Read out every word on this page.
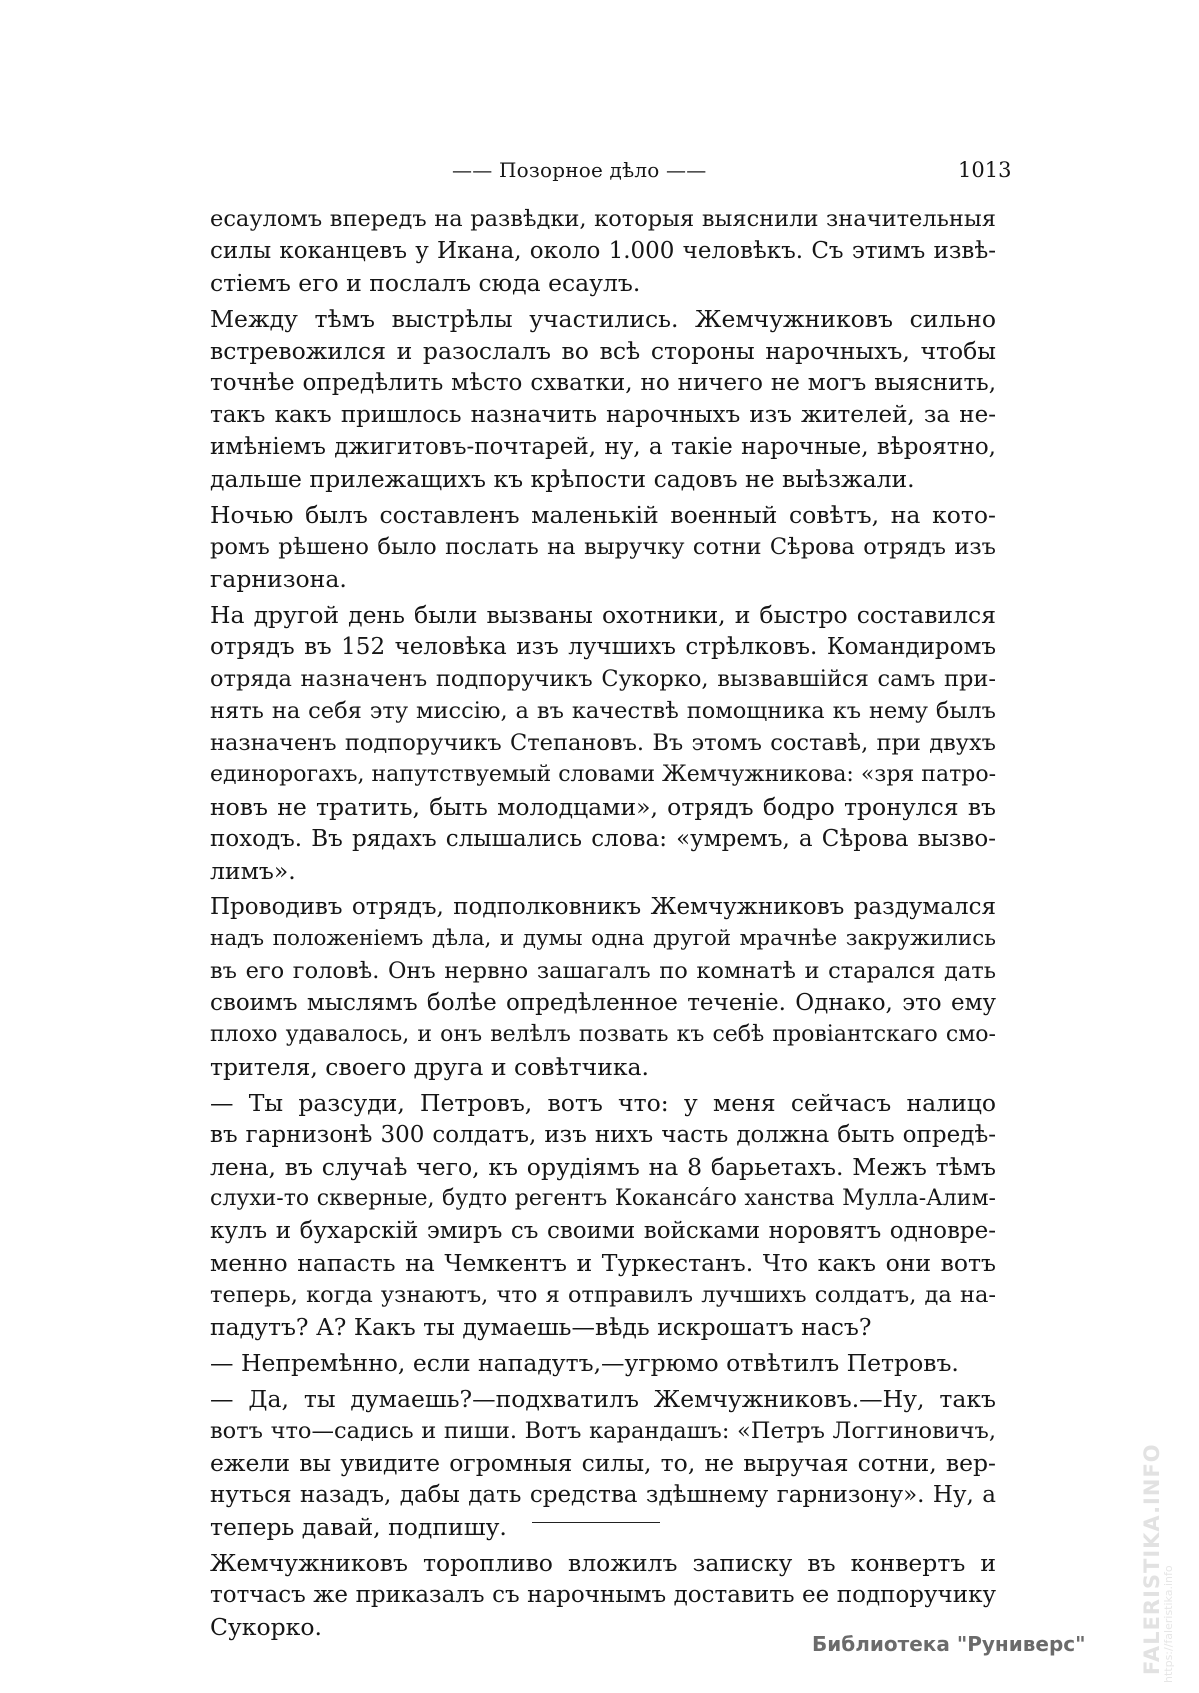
—— Позорное дѣло ——	1013
есауломъ впередъ на развѣдки, которыя выяснили значительныя
силы коканцевъ у Икана, около 1.000 человѣкъ. Съ этимъ извѣ-
стіемъ его и послалъ сюда есаулъ.
Между тѣмъ выстрѣлы участились. Жемчужниковъ сильно
встревожился и разослалъ во всѣ стороны нарочныхъ, чтобы
точнѣе опредѣлить мѣсто схватки, но ничего не могъ выяснить,
такъ какъ пришлось назначить нарочныхъ изъ жителей, за не-
имѣніемъ джигитовъ-почтарей, ну, а такіе нарочные, вѣроятно,
дальше прилежащихъ къ крѣпости садовъ не выѣзжали.
Ночью былъ составленъ маленькій военный совѣтъ, на кото-
ромъ рѣшено было послать на выручку сотни Сѣрова отрядъ изъ
гарнизона.
На другой день были вызваны охотники, и быстро составился
отрядъ въ 152 человѣка изъ лучшихъ стрѣлковъ. Командиромъ
отряда назначенъ подпоручикъ Сукорко, вызвавшійся самъ при-
нять на себя эту миссію, а въ качествѣ помощника къ нему былъ
назначенъ подпоручикъ Степановъ. Въ этомъ составѣ, при двухъ
единорогахъ, напутствуемый словами Жемчужникова: «зря патро-
новъ не тратить, быть молодцами», отрядъ бодро тронулся въ
походъ. Въ рядахъ слышались слова: «умремъ, а Сѣрова вызво-
лимъ».
Проводивъ отрядъ, подполковникъ Жемчужниковъ раздумался
надъ положеніемъ дѣла, и думы одна другой мрачнѣе закружились
въ его головѣ. Онъ нервно зашагалъ по комнатѣ и старался дать
своимъ мыслямъ болѣе опредѣленное теченіе. Однако, это ему
плохо удавалось, и онъ велѣлъ позвать къ себѣ провіантскаго смо-
трителя, своего друга и совѣтчика.
— Ты разсуди, Петровъ, вотъ что: у меня сейчасъ налицо
въ гарнизонѣ 300 солдатъ, изъ нихъ часть должна быть опредѣ-
лена, въ случаѣ чего, къ орудіямъ на 8 барьетахъ. Межъ тѣмъ
слухи-то скверные, будто регентъ Кокансáго ханства Мулла-Алим-
кулъ и бухарскій эмиръ съ своими войсками норовятъ одновре-
менно напасть на Чемкентъ и Туркестанъ. Что какъ они вотъ
теперь, когда узнаютъ, что я отправилъ лучшихъ солдатъ, да на-
падутъ? А? Какъ ты думаешь—вѣдь искрошатъ насъ?
— Непремѣнно, если нападутъ,—угрюмо отвѣтилъ Петровъ.
— Да, ты думаешь?—подхватилъ Жемчужниковъ.—Ну, такъ
вотъ что—садись и пиши. Вотъ карандашъ: «Петръ Логгиновичъ,
ежели вы увидите огромныя силы, то, не выручая сотни, вер-
нуться назадъ, дабы дать средства здѣшнему гарнизону». Ну, а
теперь давай, подпишу.
Жемчужниковъ торопливо вложилъ записку въ конвертъ и
тотчасъ же приказалъ съ нарочнымъ доставить ее подпоручику
Сукорко.
Библиотека "Руниверс"	FALERISTIKA.INFO
https://faleristika.info
